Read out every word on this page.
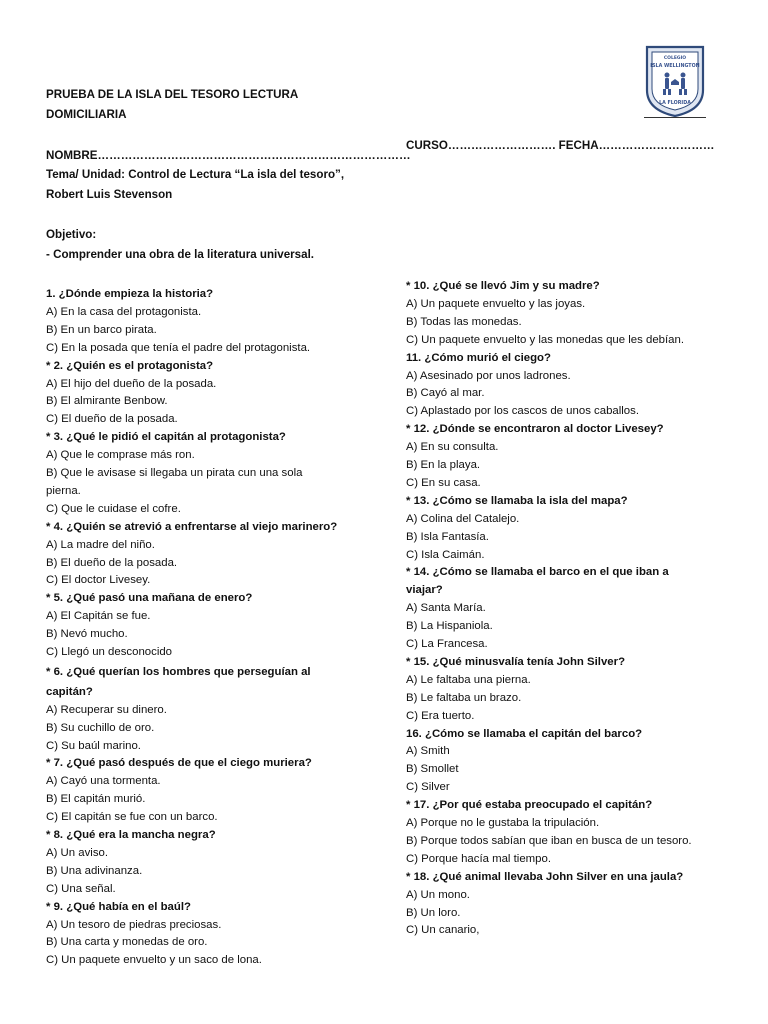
PRUEBA DE LA ISLA DEL TESORO LECTURA
DOMICILIARIA
NOMBRE………………………………………………………………………
CURSO………………………. FECHA…………………………
Tema/ Unidad: Control de Lectura “La isla del tesoro”,
Robert Luis Stevenson
Objetivo:
- Comprender una obra de la literatura universal.
COLEGIO
ISLA WELLINGTON
LA FLORIDA
1. ¿Dónde empieza la historia?
A) En la casa del protagonista.
B) En un barco pirata.
C) En la posada que tenía el padre del protagonista.
* 2. ¿Quién es el protagonista?
A) El hijo del dueño de la posada.
B) El almirante Benbow.
C) El dueño de la posada.
* 3. ¿Qué le pidió el capitán al protagonista?
A) Que le comprase más ron.
B) Que le avisase si llegaba un pirata cun una sola
pierna.
C) Que le cuidase el cofre.
* 4. ¿Quién se atrevió a enfrentarse al viejo marinero?
A) La madre del niño.
B) El dueño de la posada.
C) El doctor Livesey.
* 5. ¿Qué pasó una mañana de enero?
A) El Capitán se fue.
B) Nevó mucho.
C) Llegó un desconocido
* 6. ¿Qué querían los hombres que perseguían al
capitán?
A) Recuperar su dinero.
B) Su cuchillo de oro.
C) Su baúl marino.
* 7. ¿Qué pasó después de que el ciego muriera?
A) Cayó una tormenta.
B) El capitán murió.
C) El capitán se fue con un barco.
* 8. ¿Qué era la mancha negra?
A) Un aviso.
B) Una adivinanza.
C) Una señal.
* 9. ¿Qué había en el baúl?
A) Un tesoro de piedras preciosas.
B) Una carta y monedas de oro.
C) Un paquete envuelto y un saco de lona.
* 10. ¿Qué se llevó Jim y su madre?
A) Un paquete envuelto y las joyas.
B) Todas las monedas.
C) Un paquete envuelto y las monedas que les debían.
11. ¿Cómo murió el ciego?
A) Asesinado por unos ladrones.
B) Cayó al mar.
C) Aplastado por los cascos de unos caballos.
* 12. ¿Dónde se encontraron al doctor Livesey?
A) En su consulta.
B) En la playa.
C) En su casa.
* 13. ¿Cómo se llamaba la isla del mapa?
A) Colina del Catalejo.
B) Isla Fantasía.
C) Isla Caimán.
* 14. ¿Cómo se llamaba el barco en el que iban a
viajar?
A) Santa María.
B) La Hispaniola.
C) La Francesa.
* 15. ¿Qué minusvalía tenía John Silver?
A) Le faltaba una pierna.
B) Le faltaba un brazo.
C) Era tuerto.
16. ¿Cómo se llamaba el capitán del barco?
A) Smith
B) Smollet
C) Silver
* 17. ¿Por qué estaba preocupado el capitán?
A) Porque no le gustaba la tripulación.
B) Porque todos sabían que iban en busca de un tesoro.
C) Porque hacía mal tiempo.
* 18. ¿Qué animal llevaba John Silver en una jaula?
A) Un mono.
B) Un loro.
C) Un canario,
